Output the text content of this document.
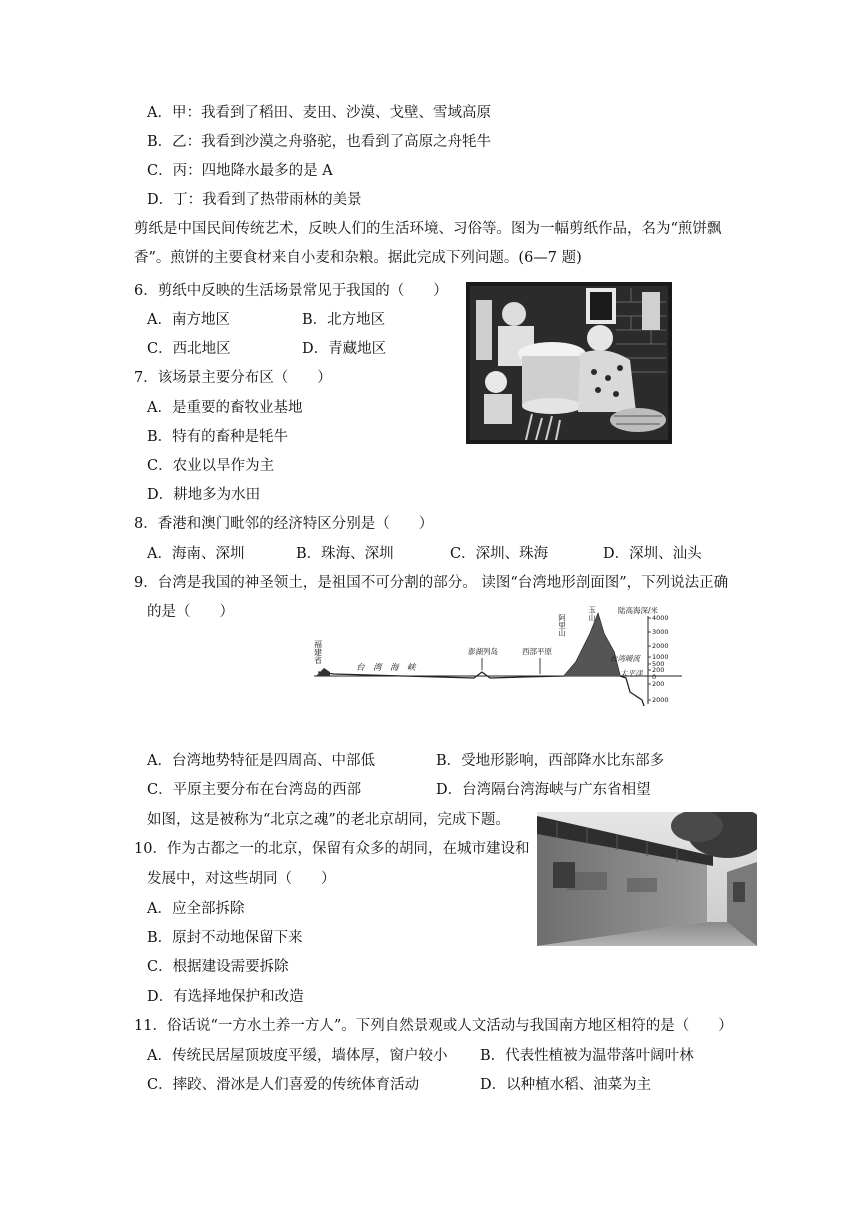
A．甲：我看到了稻田、麦田、沙漠、戈壁、雪域高原
B．乙：我看到沙漠之舟骆驼，也看到了高原之舟牦牛
C．丙：四地降水最多的是 A
D．丁：我看到了热带雨林的美景
剪纸是中国民间传统艺术，反映人们的生活环境、习俗等。图为一幅剪纸作品，名为“煎饼飘
香”。煎饼的主要食材来自小麦和杂粮。据此完成下列问题。(6—7 题)
6．剪纸中反映的生活场景常见于我国的（　　）
A．南方地区	B．北方地区
C．西北地区	D．青藏地区
7．该场景主要分布区（　　）
A．是重要的畜牧业基地
B．特有的畜种是牦牛
C．农业以旱作为主
D．耕地多为水田
8．香港和澳门毗邻的经济特区分别是（　　）
A．海南、深圳	B．珠海、深圳	C．深圳、珠海	D．深圳、汕头
9．台湾是我国的神圣领土，是祖国不可分割的部分。 读图“台湾地形剖面图”，下列说法正确
的是（　　）
福建省
台　湾　海　峡
澎湖列岛	西部平原
阿里山
玉山
台湾暖流
太平洋
陆高海深/米
4000
3000
2000
1000
500
200
0
200
2000
A．台湾地势特征是四周高、中部低	B．受地形影响，西部降水比东部多
C．平原主要分布在台湾岛的西部	D．台湾隔台湾海峡与广东省相望
如图，这是被称为“北京之魂”的老北京胡同，完成下题。
10．作为古都之一的北京，保留有众多的胡同，在城市建设和
发展中，对这些胡同（　　）
A．应全部拆除
B．原封不动地保留下来
C．根据建设需要拆除
D．有选择地保护和改造
11．俗话说“一方水土养一方人”。下列自然景观或人文活动与我国南方地区相符的是（　　）
A．传统民居屋顶坡度平缓，墙体厚，窗户较小 B．代表性植被为温带落叶阔叶林
C．摔跤、滑冰是人们喜爱的传统体育活动	D．以种植水稻、油菜为主
